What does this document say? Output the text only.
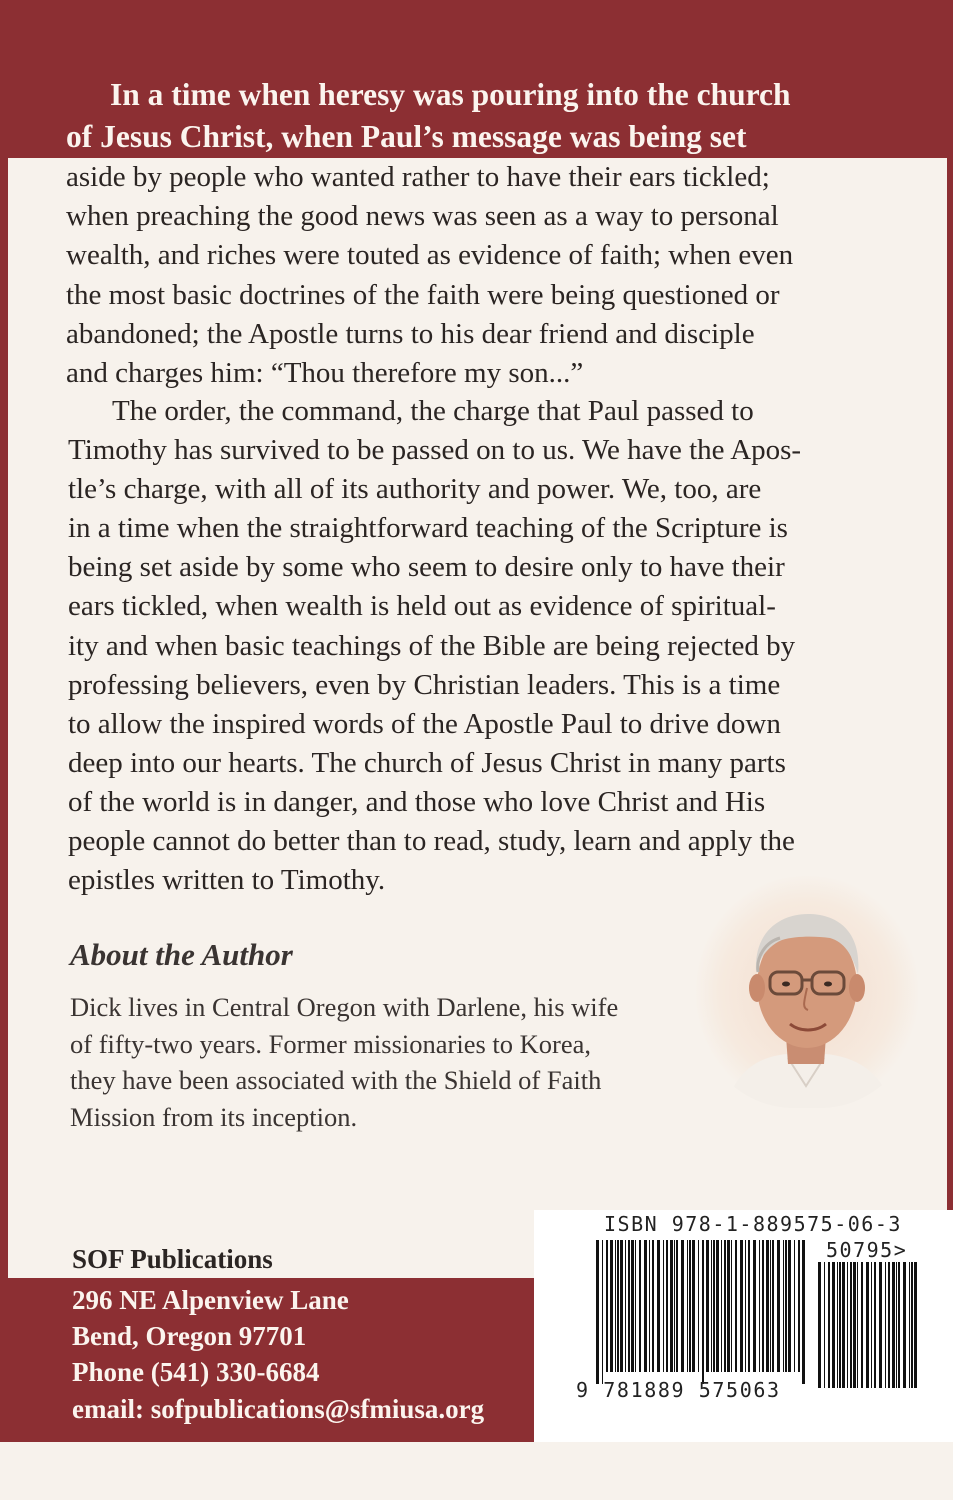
In a time when heresy was pouring into the church
of Jesus Christ, when Paul’s message was being set

aside by people who wanted rather to have their ears tickled;
when preaching the good news was seen as a way to personal
wealth, and riches were touted as evidence of faith; when even
the most basic doctrines of the faith were being questioned or
abandoned; the Apostle turns to his dear friend and disciple
and charges him: “Thou therefore my son...”

The order, the command, the charge that Paul passed to
Timothy has survived to be passed on to us. We have the Apos-
tle’s charge, with all of its authority and power. We, too, are
in a time when the straightforward teaching of the Scripture is
being set aside by some who seem to desire only to have their
ears tickled, when wealth is held out as evidence of spiritual-
ity and when basic teachings of the Bible are being rejected by
professing believers, even by Christian leaders. This is a time
to allow the inspired words of the Apostle Paul to drive down
deep into our hearts. The church of Jesus Christ in many parts
of the world is in danger, and those who love Christ and His
people cannot do better than to read, study, learn and apply the
epistles written to Timothy.

About the Author

Dick lives in Central Oregon with Darlene, his wife
of fifty-two years. Former missionaries to Korea,
they have been associated with the Shield of Faith
Mission from its inception.

SOF Publications

296 NE Alpenview Lane
Bend, Oregon 97701
Phone (541) 330-6684
email: sofpublications@sfmiusa.org

ISBN 978-1-889575-06-3

50795>

9 781889 575063
